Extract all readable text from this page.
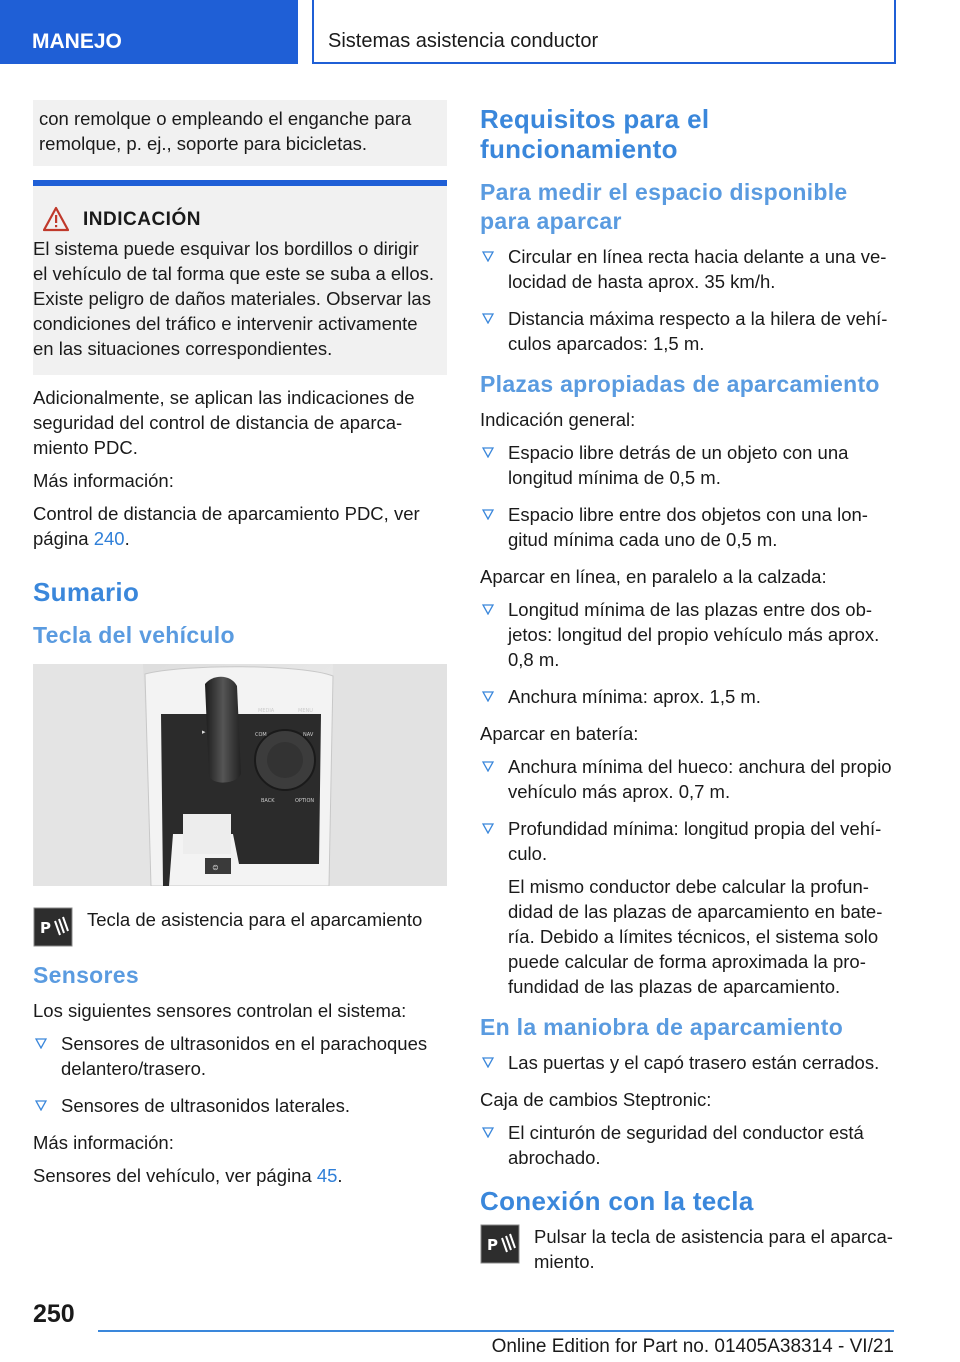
MANEJO	Sistemas asistencia conductor
con remolque o empleando el enganche para remolque, p. ej., soporte para bicicletas.
INDICACIÓN
El sistema puede esquivar los bordillos o dirigir el vehículo de tal forma que este se suba a ellos. Existe peligro de daños materiales. Observar las condiciones del tráfico e intervenir activamente en las situaciones correspondientes.

Adicionalmente, se aplican las indicaciones de seguridad del control de distancia de aparcamiento PDC.

Más información:

Control de distancia de aparcamiento PDC, ver página 240.

Sumario
Tecla del vehículo
⊜
▸
MEDIA	MENU
COM	NAV
BACK	OPTION
P Tecla de asistencia para el aparcamiento
Sensores

Los siguientes sensores controlan el sistema:

Sensores de ultrasonidos en el parachoques delantero/trasero.
Sensores de ultrasonidos laterales.

Más información:

Sensores del vehículo, ver página 45.

Requisitos para el funcionamiento
Para medir el espacio disponible para aparcar
Circular en línea recta hacia delante a una velocidad de hasta aprox. 35 km/h.
Distancia máxima respecto a la hilera de vehículos aparcados: 1,5 m.
Plazas apropiadas de aparcamiento

Indicación general:

Espacio libre detrás de un objeto con una longitud mínima de 0,5 m.
Espacio libre entre dos objetos con una longitud mínima cada uno de 0,5 m.

Aparcar en línea, en paralelo a la calzada:

Longitud mínima de las plazas entre dos objetos: longitud del propio vehículo más aprox. 0,8 m.
Anchura mínima: aprox. 1,5 m.

Aparcar en batería:

Anchura mínima del hueco: anchura del propio vehículo más aprox. 0,7 m.
Profundidad mínima: longitud propia del vehículo.
El mismo conductor debe calcular la profundidad de las plazas de aparcamiento en batería. Debido a límites técnicos, el sistema solo puede calcular de forma aproximada la profundidad de las plazas de aparcamiento.
En la maniobra de aparcamiento
Las puertas y el capó trasero están cerrados.

Caja de cambios Steptronic:

El cinturón de seguridad del conductor está abrochado.
Conexión con la tecla
P Pulsar la tecla de asistencia para el aparcamiento.
250
Online Edition for Part no. 01405A38314 - VI/21
